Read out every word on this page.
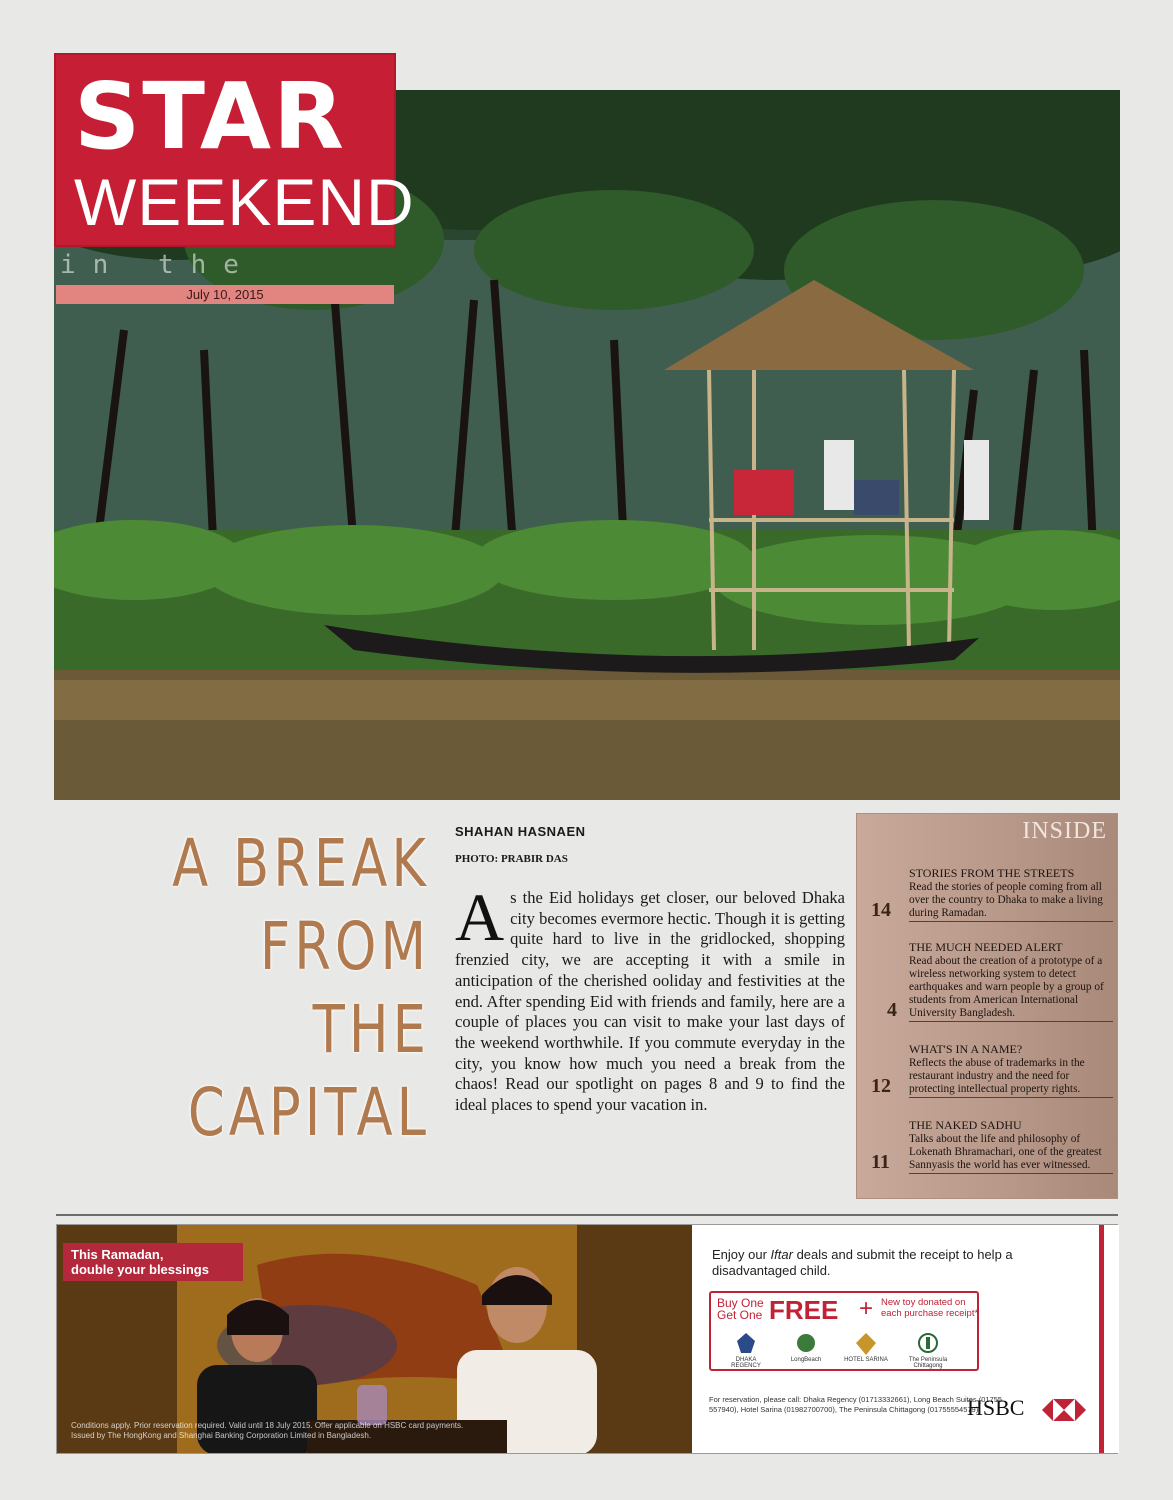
STAR
WEEKEND
in the
July 10, 2015
A BREAK
FROM THE
CAPITAL
SHAHAN HASNAEN
PHOTO: PRABIR DAS
A s the Eid holidays get closer, our beloved Dhaka city becomes evermore hectic. Though it is getting quite hard to live in the gridlocked, shopping frenzied city, we are accepting it with a smile in anticipation of the cherished ooliday and festivities at the end. After spending Eid with friends and family, here are a couple of places you can visit to make your last days of the weekend worthwhile. If you commute everyday in the city, you know how much you need a break from the chaos! Read our spotlight on pages 8 and 9 to find the ideal places to spend your vacation in.
INSIDE
STORIES FROM THE STREETS
Read the stories of people coming from all over the country to Dhaka to make a living during Ramadan.
14
THE MUCH NEEDED ALERT
Read about the creation of a prototype of a wireless networking system to detect earthquakes and warn people by a group of students from American International University Bangladesh.
4
WHAT'S IN A NAME?
Reflects the abuse of trademarks in the restaurant industry and the need for protecting intellectual property rights.
12
THE NAKED SADHU
Talks about the life and philosophy of Lokenath Bhramachari, one of the greatest Sannyasis the world has ever witnessed.
11
This Ramadan,
double your blessings
Conditions apply. Prior reservation required. Valid until 18 July 2015. Offer applicable on HSBC card payments.
Issued by The HongKong and Shanghai Banking Corporation Limited in Bangladesh.
Enjoy our Iftar deals and submit the receipt to help a disadvantaged child.
Buy One
Get One FREE + New toy donated on
each purchase receipt*
DHAKA REGENCY
LongBeach	HOTEL SARINA	The Peninsula Chittagong
For reservation, please call: Dhaka Regency (01713332661), Long Beach Suites (01755 557940), Hotel Sarina (01982700700), The Peninsula Chittagong (01755554579)
HSBC
